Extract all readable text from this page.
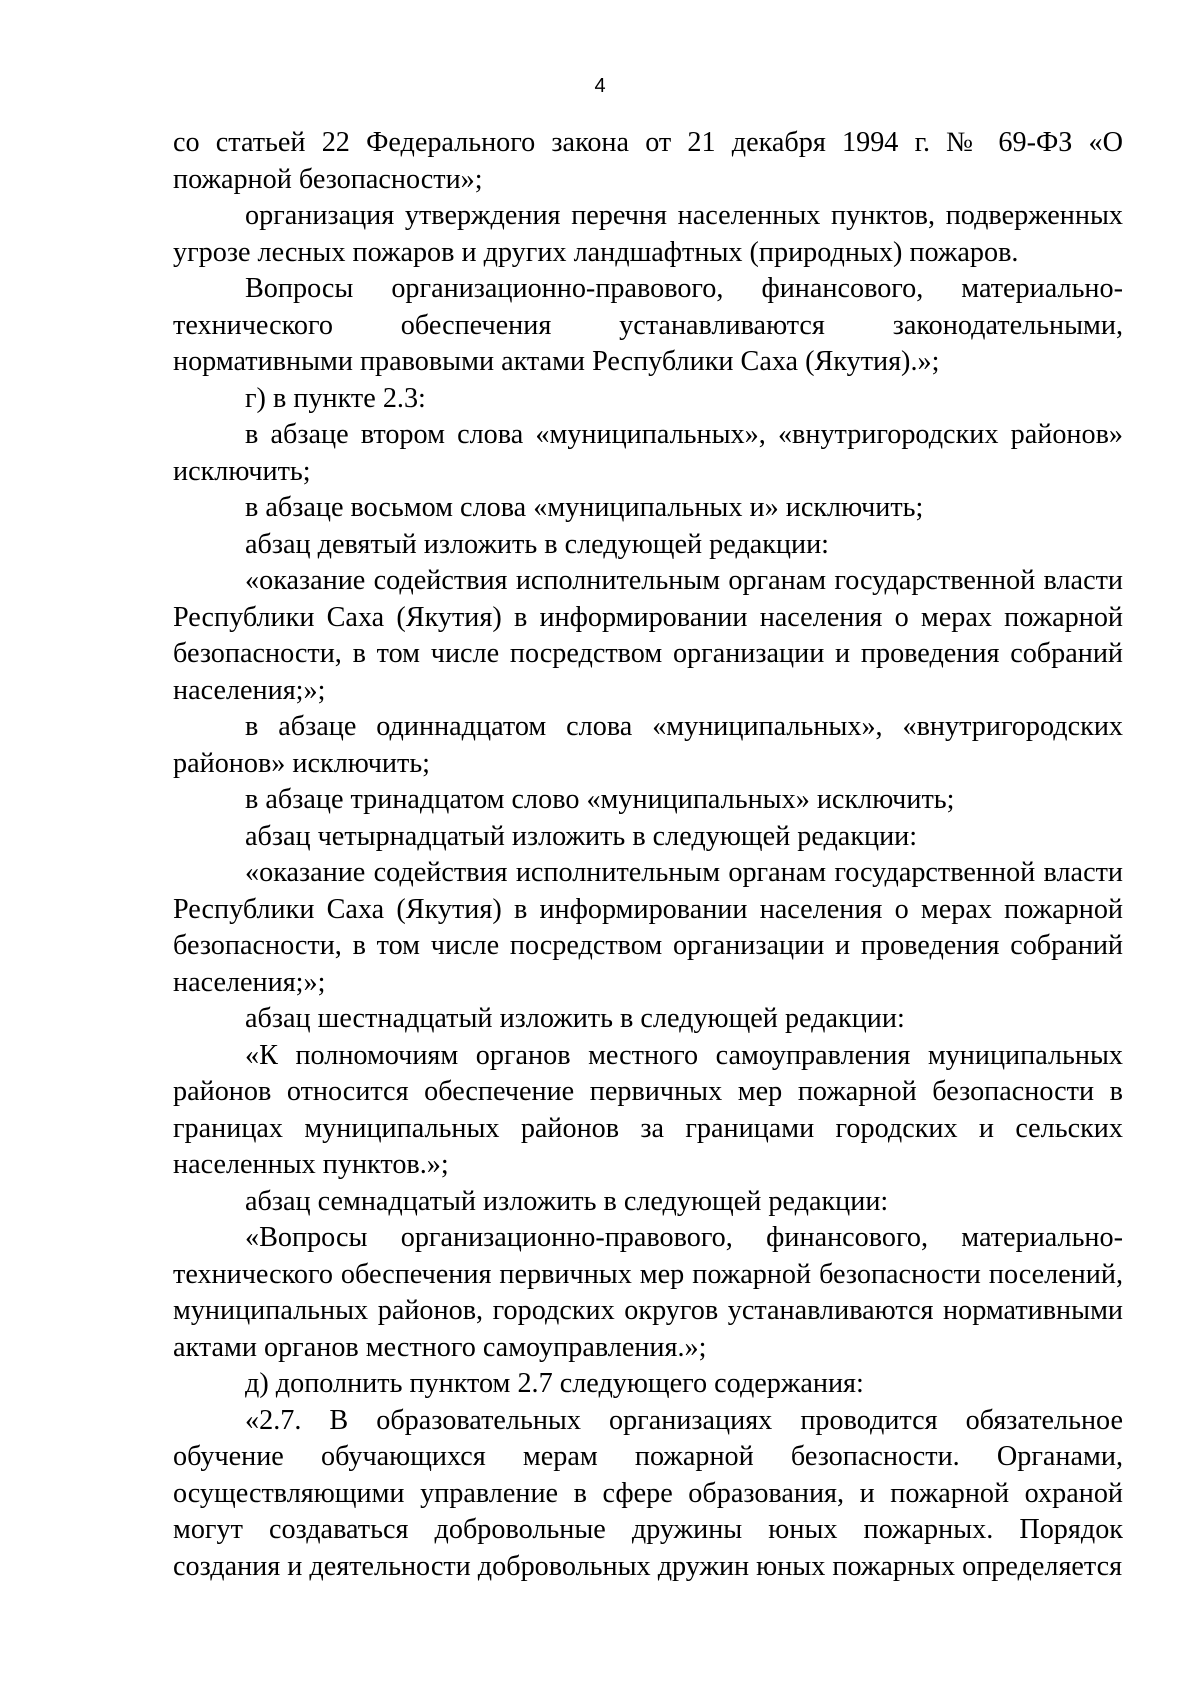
4

со статьей 22 Федерального закона от 21 декабря 1994 г. № 69-ФЗ «О пожарной безопасности»;

организация утверждения перечня населенных пунктов, подверженных угрозе лесных пожаров и других ландшафтных (природных) пожаров.

Вопросы организационно-правового, финансового, материально-технического обеспечения устанавливаются законодательными, нормативными правовыми актами Республики Саха (Якутия).»;

г) в пункте 2.3:

в абзаце втором слова «муниципальных», «внутригородских районов» исключить;

в абзаце восьмом слова «муниципальных и» исключить;

абзац девятый изложить в следующей редакции:

«оказание содействия исполнительным органам государственной власти Республики Саха (Якутия) в информировании населения о мерах пожарной безопасности, в том числе посредством организации и проведения собраний населения;»;

в абзаце одиннадцатом слова «муниципальных», «внутригородских районов» исключить;

в абзаце тринадцатом слово «муниципальных» исключить;

абзац четырнадцатый изложить в следующей редакции:

«оказание содействия исполнительным органам государственной власти Республики Саха (Якутия) в информировании населения о мерах пожарной безопасности, в том числе посредством организации и проведения собраний населения;»;

абзац шестнадцатый изложить в следующей редакции:

«К полномочиям органов местного самоуправления муниципальных районов относится обеспечение первичных мер пожарной безопасности в границах муниципальных районов за границами городских и сельских населенных пунктов.»;

абзац семнадцатый изложить в следующей редакции:

«Вопросы организационно-правового, финансового, материально-технического обеспечения первичных мер пожарной безопасности поселений, муниципальных районов, городских округов устанавливаются нормативными актами органов местного самоуправления.»;

д) дополнить пунктом 2.7 следующего содержания:

«2.7. В образовательных организациях проводится обязательное обучение обучающихся мерам пожарной безопасности. Органами, осуществляющими управление в сфере образования, и пожарной охраной могут создаваться добровольные дружины юных пожарных. Порядок создания и деятельности добровольных дружин юных пожарных определяется
